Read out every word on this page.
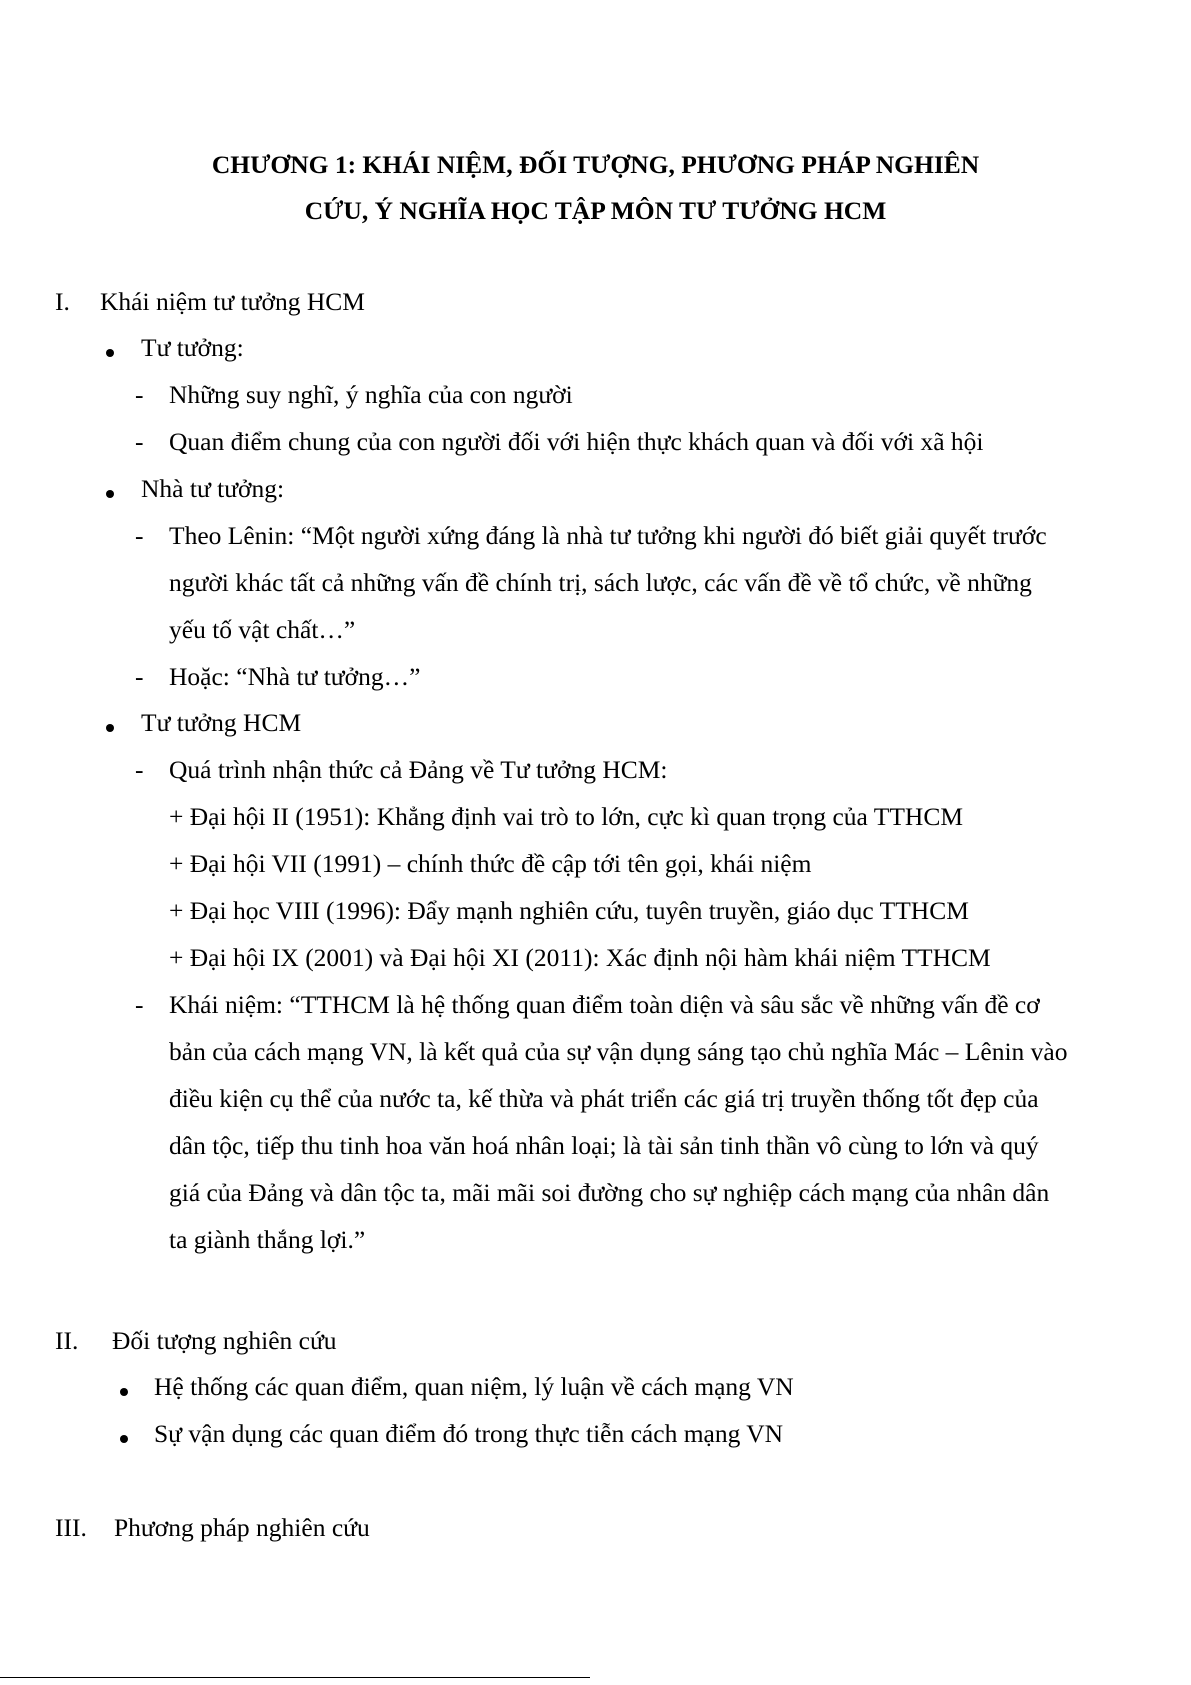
CHƯƠNG 1: KHÁI NIỆM, ĐỐI TƯỢNG, PHƯƠNG PHÁP NGHIÊN
CỨU, Ý NGHĨA HỌC TẬP MÔN TƯ TƯỞNG HCM
I. Khái niệm tư tưởng HCM
Tư tưởng:
- Những suy nghĩ, ý nghĩa của con người
- Quan điểm chung của con người đối với hiện thực khách quan và đối với xã hội
Nhà tư tưởng:
- Theo Lênin: “Một người xứng đáng là nhà tư tưởng khi người đó biết giải quyết trước
người khác tất cả những vấn đề chính trị, sách lược, các vấn đề về tổ chức, về những
yếu tố vật chất…”
- Hoặc: “Nhà tư tưởng…”
Tư tưởng HCM
- Quá trình nhận thức cả Đảng về Tư tưởng HCM:
+ Đại hội II (1951): Khẳng định vai trò to lớn, cực kì quan trọng của TTHCM
+ Đại hội VII (1991) – chính thức đề cập tới tên gọi, khái niệm
+ Đại học VIII (1996): Đẩy mạnh nghiên cứu, tuyên truyền, giáo dục TTHCM
+ Đại hội IX (2001) và Đại hội XI (2011): Xác định nội hàm khái niệm TTHCM
- Khái niệm: “TTHCM là hệ thống quan điểm toàn diện và sâu sắc về những vấn đề cơ
bản của cách mạng VN, là kết quả của sự vận dụng sáng tạo chủ nghĩa Mác – Lênin vào
điều kiện cụ thể của nước ta, kế thừa và phát triển các giá trị truyền thống tốt đẹp của
dân tộc, tiếp thu tinh hoa văn hoá nhân loại; là tài sản tinh thần vô cùng to lớn và quý
giá của Đảng và dân tộc ta, mãi mãi soi đường cho sự nghiệp cách mạng của nhân dân
ta giành thắng lợi.”
II. Đối tượng nghiên cứu
Hệ thống các quan điểm, quan niệm, lý luận về cách mạng VN
Sự vận dụng các quan điểm đó trong thực tiễn cách mạng VN
III. Phương pháp nghiên cứu
